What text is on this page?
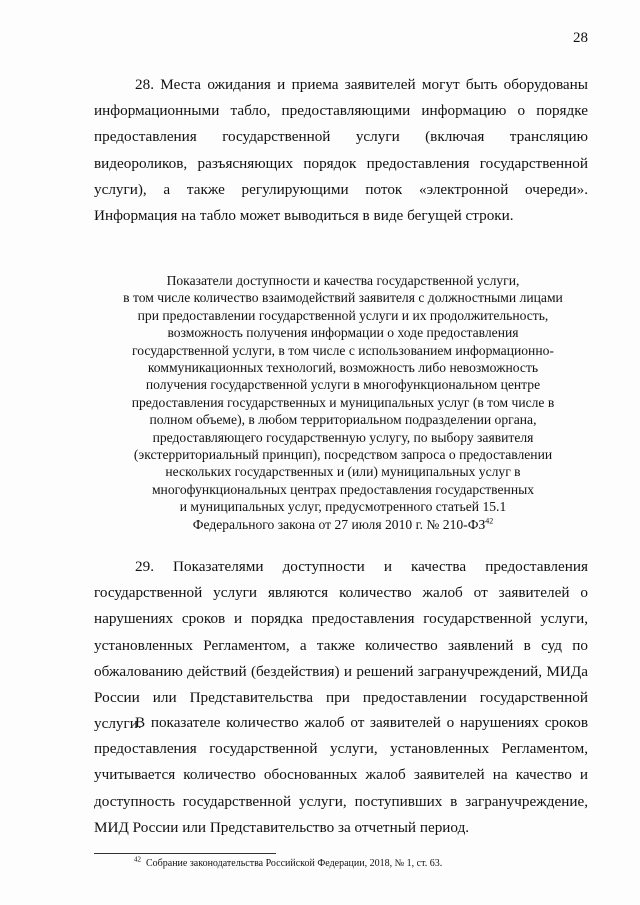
28

28. Места ожидания и приема заявителей могут быть оборудованы информационными табло, предоставляющими информацию о порядке предоставления государственной услуги (включая трансляцию видеороликов, разъясняющих порядок предоставления государственной услуги), а также регулирующими поток «электронной очереди». Информация на табло может выводиться в виде бегущей строки.

Показатели доступности и качества государственной услуги,
в том числе количество взаимодействий заявителя с должностными лицами
при предоставлении государственной услуги и их продолжительность,
возможность получения информации о ходе предоставления
государственной услуги, в том числе с использованием информационно-
коммуникационных технологий, возможность либо невозможность
получения государственной услуги в многофункциональном центре
предоставления государственных и муниципальных услуг (в том числе в
полном объеме), в любом территориальном подразделении органа,
предоставляющего государственную услугу, по выбору заявителя
(экстерриториальный принцип), посредством запроса о предоставлении
нескольких государственных и (или) муниципальных услуг в
многофункциональных центрах предоставления государственных
и муниципальных услуг, предусмотренного статьей 15.1
Федерального закона от 27 июля 2010 г. № 210-ФЗ$^{42}$

29. Показателями доступности и качества предоставления государственной услуги являются количество жалоб от заявителей о нарушениях сроков и порядка предоставления государственной услуги, установленных Регламентом, а также количество заявлений в суд по обжалованию действий (бездействия) и решений загранучреждений, МИДа России или Представительства при предоставлении государственной услуги.

В показателе количество жалоб от заявителей о нарушениях сроков предоставления государственной услуги, установленных Регламентом, учитывается количество обоснованных жалоб заявителей на качество и доступность государственной услуги, поступивших в загранучреждение, МИД России или Представительство за отчетный период.

$^{42}$ Собрание законодательства Российской Федерации, 2018, № 1, ст. 63.
